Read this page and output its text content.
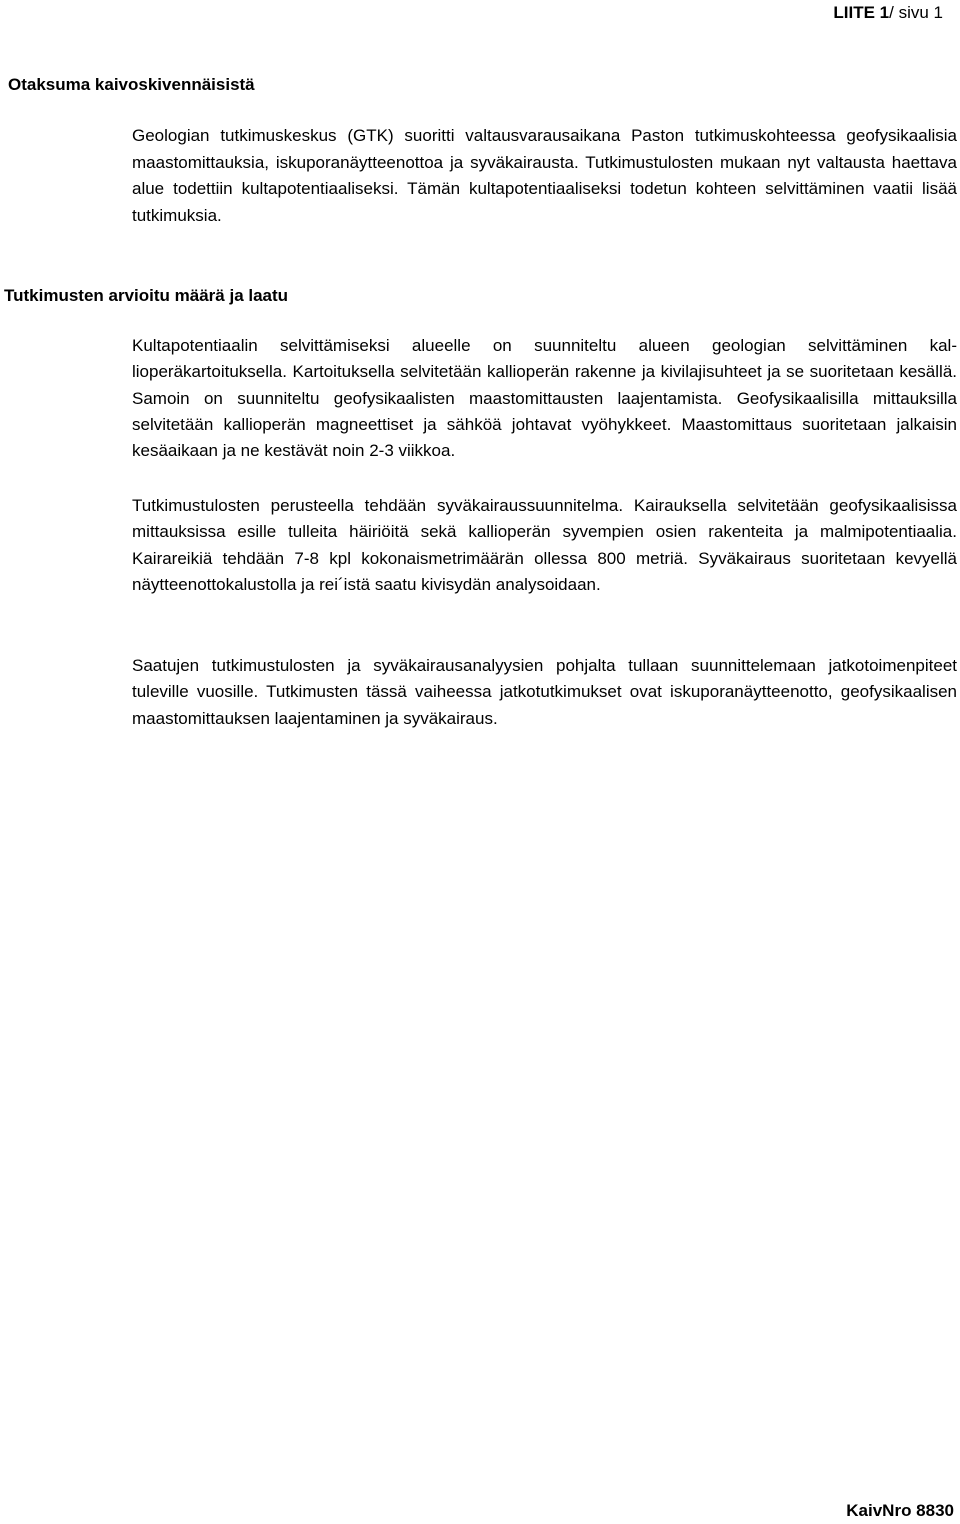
LIITE 1/ sivu 1
Otaksuma kaivoskivennäisistä

Geologian tutkimuskeskus (GTK) suoritti valtausvarausaikana Paston tutkimuskohteessa geofysikaalisia maastomittauksia, iskuporanäytteenottoa ja syväkairausta. Tutkimustulosten mukaan nyt valtausta haettava alue todettiin kultapotentiaaliseksi. Tämän kultapotentiaaliseksi todetun kohteen selvittäminen vaatii lisää tutkimuksia.

Tutkimusten arvioitu määrä ja laatu

Kultapotentiaalin selvittämiseksi alueelle on suunniteltu alueen geologian selvittäminen kallioperäkartoituksella. Kartoituksella selvitetään kallioperän rakenne ja kivilajisuhteet ja se suoritetaan kesällä. Samoin on suunniteltu geofysikaalisten maastomittausten laajentamista. Geofysikaalisilla mittauksilla selvitetään kallioperän magneettiset ja sähköä johtavat vyöhykkeet. Maastomittaus suoritetaan jalkaisin kesäaikaan ja ne kestävät noin 2-3 viikkoa.

Tutkimustulosten perusteella tehdään syväkairaussuunnitelma. Kairauksella selvitetään geofysikaalisissa mittauksissa esille tulleita häiriöitä sekä kallioperän syvempien osien rakenteita ja malmipotentiaalia. Kairareikiä tehdään 7-8 kpl kokonaismetrimäärän ollessa 800 metriä. Syväkairaus suoritetaan kevyellä näytteenottokalustolla ja rei´istä saatu kivisydän analysoidaan.

Saatujen tutkimustulosten ja syväkairausanalyysien pohjalta tullaan suunnittelemaan jatkotoimenpiteet tuleville vuosille. Tutkimusten tässä vaiheessa jatkotutkimukset ovat iskuporanäytteenotto, geofysikaalisen maastomittauksen laajentaminen ja syväkairaus.

KaivNro 8830
